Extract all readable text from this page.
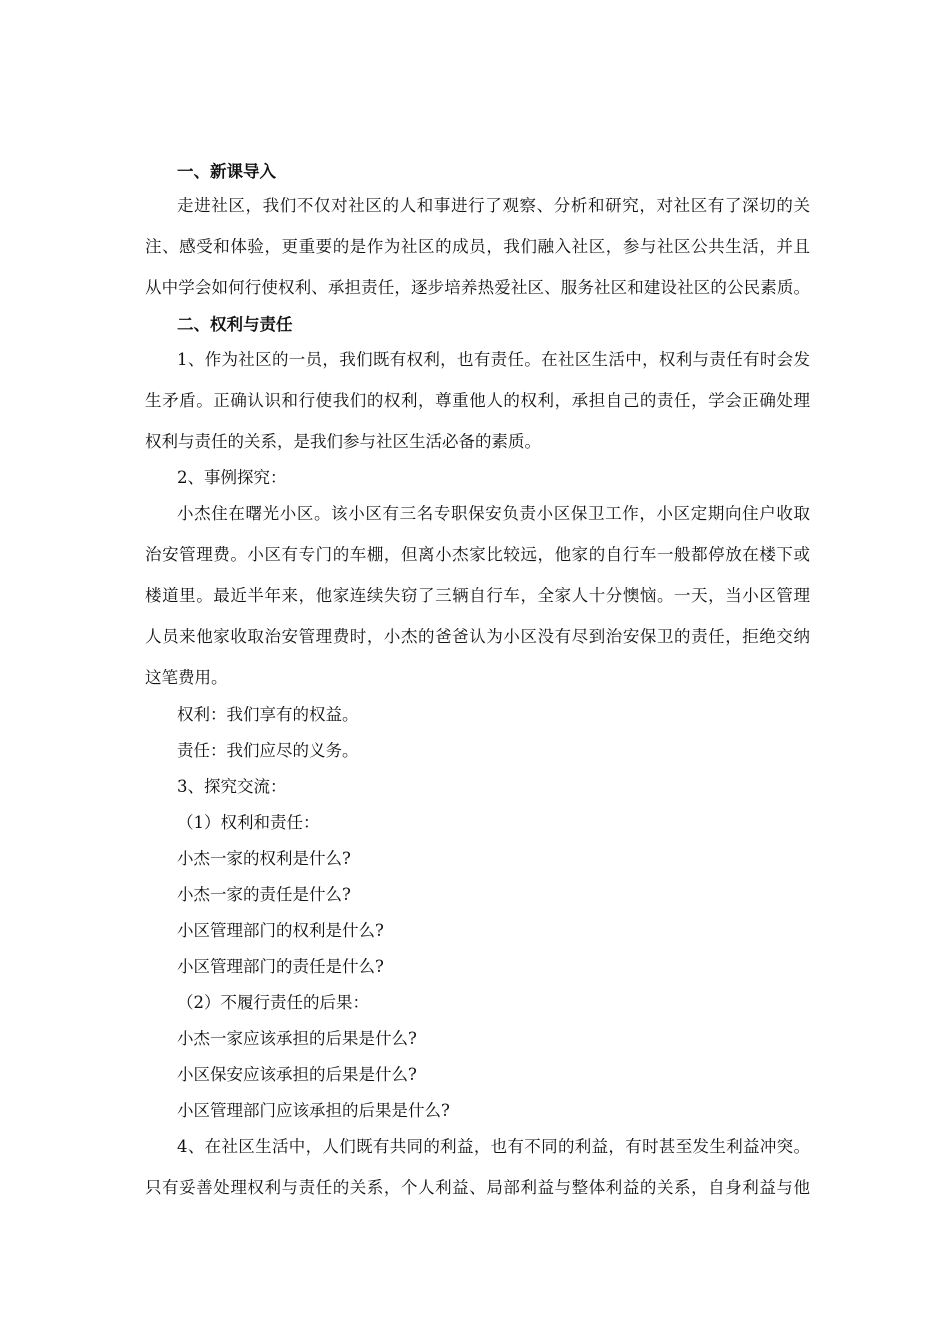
一、新课导入
走进社区，我们不仅对社区的人和事进行了观察、分析和研究，对社区有了深切的关
注、感受和体验，更重要的是作为社区的成员，我们融入社区，参与社区公共生活，并且
从中学会如何行使权利、承担责任，逐步培养热爱社区、服务社区和建设社区的公民素质。
二、权利与责任
1、作为社区的一员，我们既有权利，也有责任。在社区生活中，权利与责任有时会发
生矛盾。正确认识和行使我们的权利，尊重他人的权利，承担自己的责任，学会正确处理
权利与责任的关系，是我们参与社区生活必备的素质。
2、事例探究：
小杰住在曙光小区。该小区有三名专职保安负责小区保卫工作，小区定期向住户收取
治安管理费。小区有专门的车棚，但离小杰家比较远，他家的自行车一般都停放在楼下或
楼道里。最近半年来，他家连续失窃了三辆自行车，全家人十分懊恼。一天，当小区管理
人员来他家收取治安管理费时，小杰的爸爸认为小区没有尽到治安保卫的责任，拒绝交纳
这笔费用。
权利：我们享有的权益。
责任：我们应尽的义务。
3、探究交流：
（1）权利和责任：
小杰一家的权利是什么?
小杰一家的责任是什么?
小区管理部门的权利是什么?
小区管理部门的责任是什么?
（2）不履行责任的后果：
小杰一家应该承担的后果是什么?
小区保安应该承担的后果是什么?
小区管理部门应该承担的后果是什么?
4、在社区生活中，人们既有共同的利益，也有不同的利益，有时甚至发生利益冲突。
只有妥善处理权利与责任的关系，个人利益、局部利益与整体利益的关系，自身利益与他
